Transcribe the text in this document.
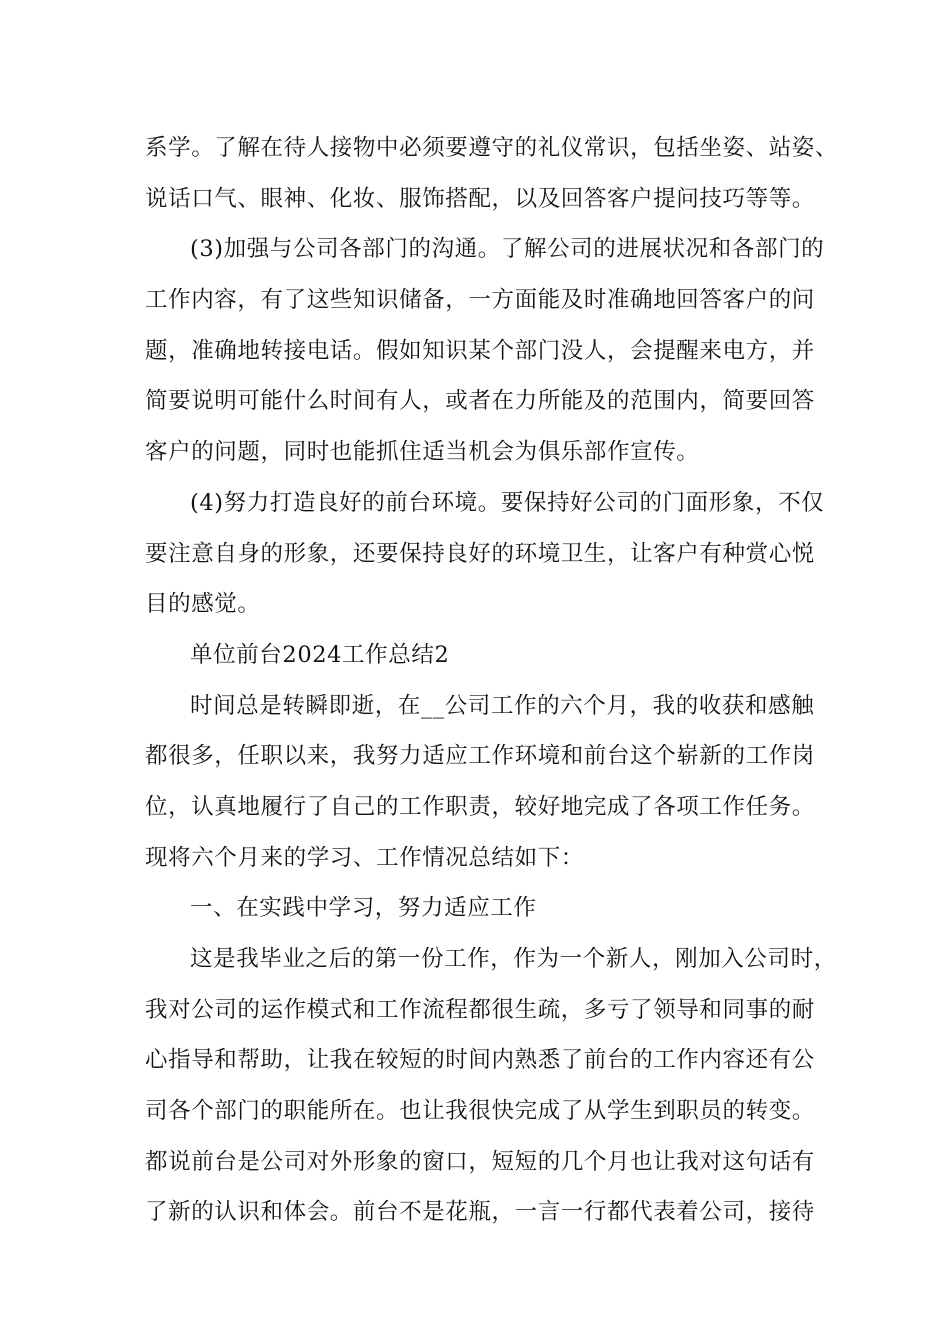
系学。了解在待人接物中必须要遵守的礼仪常识，包括坐姿、站姿、
说话口气、眼神、化妆、服饰搭配，以及回答客户提问技巧等等。
(3)加强与公司各部门的沟通。了解公司的进展状况和各部门的
工作内容，有了这些知识储备，一方面能及时准确地回答客户的问
题，准确地转接电话。假如知识某个部门没人，会提醒来电方，并
简要说明可能什么时间有人，或者在力所能及的范围内，简要回答
客户的问题，同时也能抓住适当机会为俱乐部作宣传。
(4)努力打造良好的前台环境。要保持好公司的门面形象，不仅
要注意自身的形象，还要保持良好的环境卫生，让客户有种赏心悦
目的感觉。
单位前台2024工作总结2
时间总是转瞬即逝，在__公司工作的六个月，我的收获和感触
都很多，任职以来，我努力适应工作环境和前台这个崭新的工作岗
位，认真地履行了自己的工作职责，较好地完成了各项工作任务。
现将六个月来的学习、工作情况总结如下：
一、在实践中学习，努力适应工作
这是我毕业之后的第一份工作，作为一个新人，刚加入公司时，
我对公司的运作模式和工作流程都很生疏，多亏了领导和同事的耐
心指导和帮助，让我在较短的时间内熟悉了前台的工作内容还有公
司各个部门的职能所在。也让我很快完成了从学生到职员的转变。
都说前台是公司对外形象的窗口，短短的几个月也让我对这句话有
了新的认识和体会。前台不是花瓶，一言一行都代表着公司，接待
